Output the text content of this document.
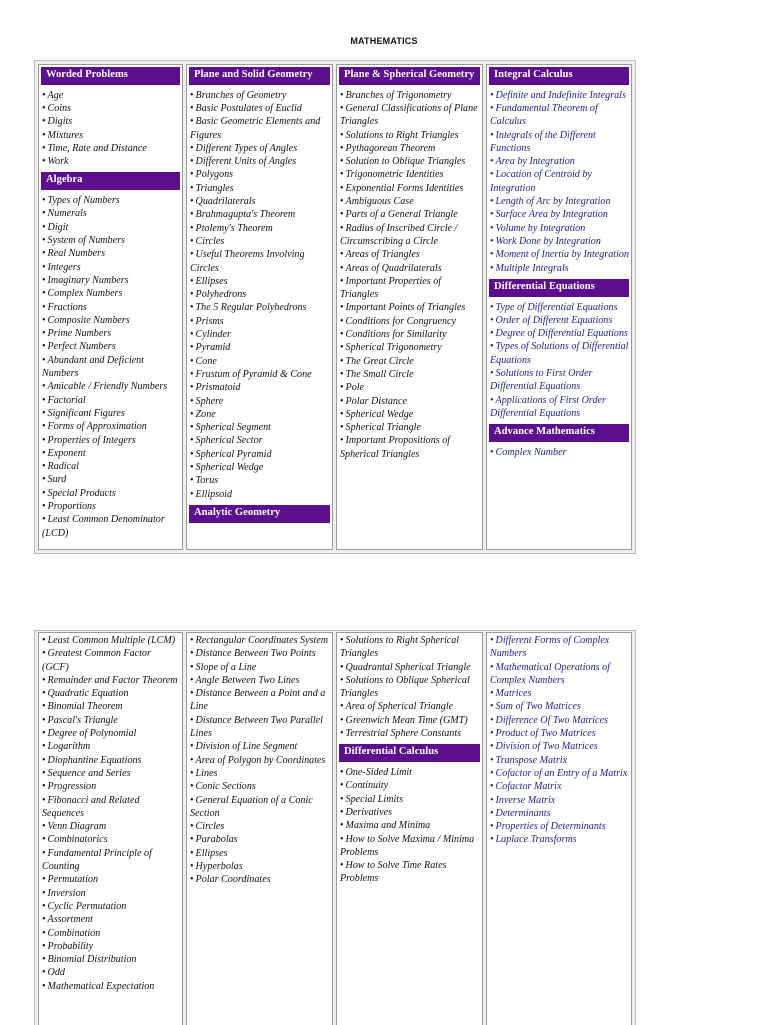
MATHEMATICS
Worded Problems
• Age
• Coins
• Digits
• Mixtures
• Time, Rate and Distance
• Work
Algebra
• Types of Numbers
• Numerals
• Digit
• System of Numbers
• Real Numbers
• Integers
• Imaginary Numbers
• Complex Numbers
• Fractions
• Composite Numbers
• Prime Numbers
• Perfect Numbers
• Abundant and Deficient Numbers
• Amicable / Friendly Numbers
• Factorial
• Significant Figures
• Forms of Approximation
• Properties of Integers
• Exponent
• Radical
• Surd
• Special Products
• Proportions
• Least Common Denominator (LCD)
Plane and Solid Geometry
• Branches of Geometry
• Basic Postulates of Euclid
• Basic Geometric Elements and Figures
• Different Types of Angles
• Different Units of Angles
• Polygons
• Triangles
• Quadrilaterals
• Brahmagupta's Theorem
• Ptolemy's Theorem
• Circles
• Useful Theorems Involving Circles
• Ellipses
• Polyhedrons
• The 5 Regular Polyhedrons
• Prisms
• Cylinder
• Pyramid
• Cone
• Frustum of Pyramid & Cone
• Prismatoid
• Sphere
• Zone
• Spherical Segment
• Spherical Sector
• Spherical Pyramid
• Spherical Wedge
• Torus
• Ellipsoid
Analytic Geometry
Plane & Spherical Geometry
• Branches of Trigonometry
• General Classifications of Plane Triangles
• Solutions to Right Triangles
• Pythagorean Theorem
• Solution to Oblique Triangles
• Trigonometric Identities
• Exponential Forms Identities
• Ambiguous Case
• Parts of a General Triangle
• Radius of Inscribed Circle / Circumscribing a Circle
• Areas of Triangles
• Areas of Quadrilaterals
• Important Properties of Triangles
• Important Points of Triangles
• Conditions for Congruency
• Conditions for Similarity
• Spherical Trigonometry
• The Great Circle
• The Small Circle
• Pole
• Polar Distance
• Spherical Wedge
• Spherical Triangle
• Important Propositions of Spherical Triangles
Integral Calculus
• Definite and Indefinite Integrals
• Fundamental Theorem of Calculus
• Integrals of the Different Functions
• Area by Integration
• Location of Centroid by Integration
• Length of Arc by Integration
• Surface Area by Integration
• Volume by Integration
• Work Done by Integration
• Moment of Inertia by Integration
• Multiple Integrals
Differential Equations
• Type of Differential Equations
• Order of Different Equations
• Degree of Differential Equations
• Types of Solutions of Differential Equations
• Solutions to First Order Differential Equations
• Applications of First Order Differential Equations
Advance Mathematics
• Complex Number
• Least Common Multiple (LCM)
• Greatest Common Factor (GCF)
• Remainder and Factor Theorem
• Quadratic Equation
• Binomial Theorem
• Pascal's Triangle
• Degree of Polynomial
• Logarithm
• Diophantine Equations
• Sequence and Series
• Progression
• Fibonacci and Related Sequences
• Venn Diagram
• Combinatorics
• Fundamental Principle of Counting
• Permutation
• Inversion
• Cyclic Permutation
• Assortment
• Combination
• Probability
• Binomial Distribution
• Odd
• Mathematical Expectation
• Rectangular Coordinates System
• Distance Between Two Points
• Slope of a Line
• Angle Between Two Lines
• Distance Between a Point and a Line
• Distance Between Two Parallel Lines
• Division of Line Segment
• Area of Polygon by Coordinates
• Lines
• Conic Sections
• General Equation of a Conic Section
• Circles
• Parabolas
• Ellipses
• Hyperbolas
• Polar Coordinates
• Solutions to Right Spherical Triangles
• Quadrantal Spherical Triangle
• Solutions to Oblique Spherical Triangles
• Area of Spherical Triangle
• Greenwich Mean Time (GMT)
• Terrestrial Sphere Constants
Differential Calculus
• One-Sided Limit
• Continuity
• Special Limits
• Derivatives
• Maxima and Minima
• How to Solve Maxima / Minima Problems
• How to Solve Time Rates Problems
• Different Forms of Complex Numbers
• Mathematical Operations of Complex Numbers
• Matrices
• Sum of Two Matrices
• Difference Of Two Matrices
• Product of Two Matrices
• Division of Two Matrices
• Transpose Matrix
• Cofactor of an Entry of a Matrix
• Cofactor Matrix
• Inverse Matrix
• Determinants
• Properties of Determinants
• Laplace Transforms
